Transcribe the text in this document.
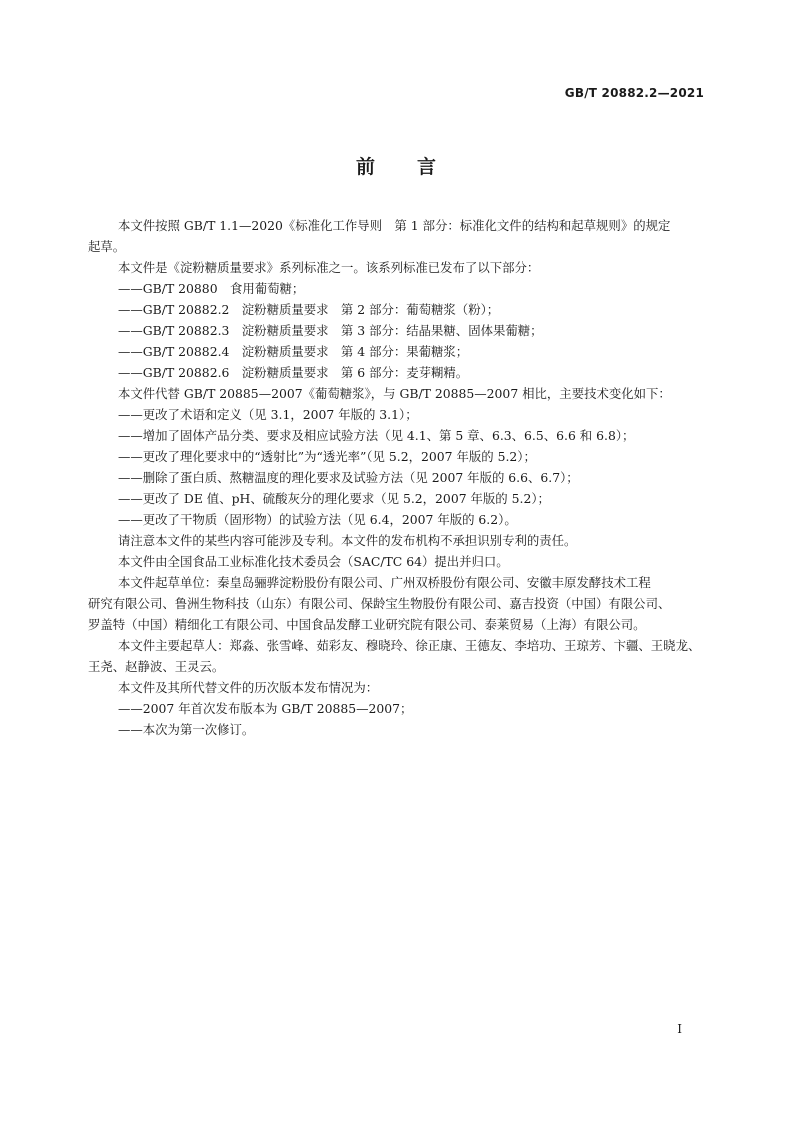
GB/T 20882.2—2021
前 言

本文件按照 GB/T 1.1—2020《标准化工作导则　第 1 部分：标准化文件的结构和起草规则》的规定
起草。

本文件是《淀粉糖质量要求》系列标准之一。该系列标准已发布了以下部分：

——GB/T 20880　食用葡萄糖；

——GB/T 20882.2　淀粉糖质量要求　第 2 部分：葡萄糖浆（粉）；

——GB/T 20882.3　淀粉糖质量要求　第 3 部分：结晶果糖、固体果葡糖；

——GB/T 20882.4　淀粉糖质量要求　第 4 部分：果葡糖浆；

——GB/T 20882.6　淀粉糖质量要求　第 6 部分：麦芽糊精。

本文件代替 GB/T 20885—2007《葡萄糖浆》，与 GB/T 20885—2007 相比，主要技术变化如下：

——更改了术语和定义（见 3.1，2007 年版的 3.1）；

——增加了固体产品分类、要求及相应试验方法（见 4.1、第 5 章、6.3、6.5、6.6 和 6.8）；

——更改了理化要求中的“透射比”为“透光率”（见 5.2，2007 年版的 5.2）；

——删除了蛋白质、熬糖温度的理化要求及试验方法（见 2007 年版的 6.6、6.7）；

——更改了 DE 值、pH、硫酸灰分的理化要求（见 5.2，2007 年版的 5.2）；

——更改了干物质（固形物）的试验方法（见 6.4，2007 年版的 6.2）。

请注意本文件的某些内容可能涉及专利。本文件的发布机构不承担识别专利的责任。

本文件由全国食品工业标准化技术委员会（SAC/TC 64）提出并归口。

本文件起草单位：秦皇岛骊骅淀粉股份有限公司、广州双桥股份有限公司、安徽丰原发酵技术工程
研究有限公司、鲁洲生物科技（山东）有限公司、保龄宝生物股份有限公司、嘉吉投资（中国）有限公司、
罗盖特（中国）精细化工有限公司、中国食品发酵工业研究院有限公司、泰莱贸易（上海）有限公司。

本文件主要起草人：郑淼、张雪峰、茹彩友、穆晓玲、徐正康、王德友、李培功、王琼芳、卞疆、王晓龙、
王尧、赵静波、王灵云。

本文件及其所代替文件的历次版本发布情况为：

——2007 年首次发布版本为 GB/T 20885—2007；

——本次为第一次修订。

I
